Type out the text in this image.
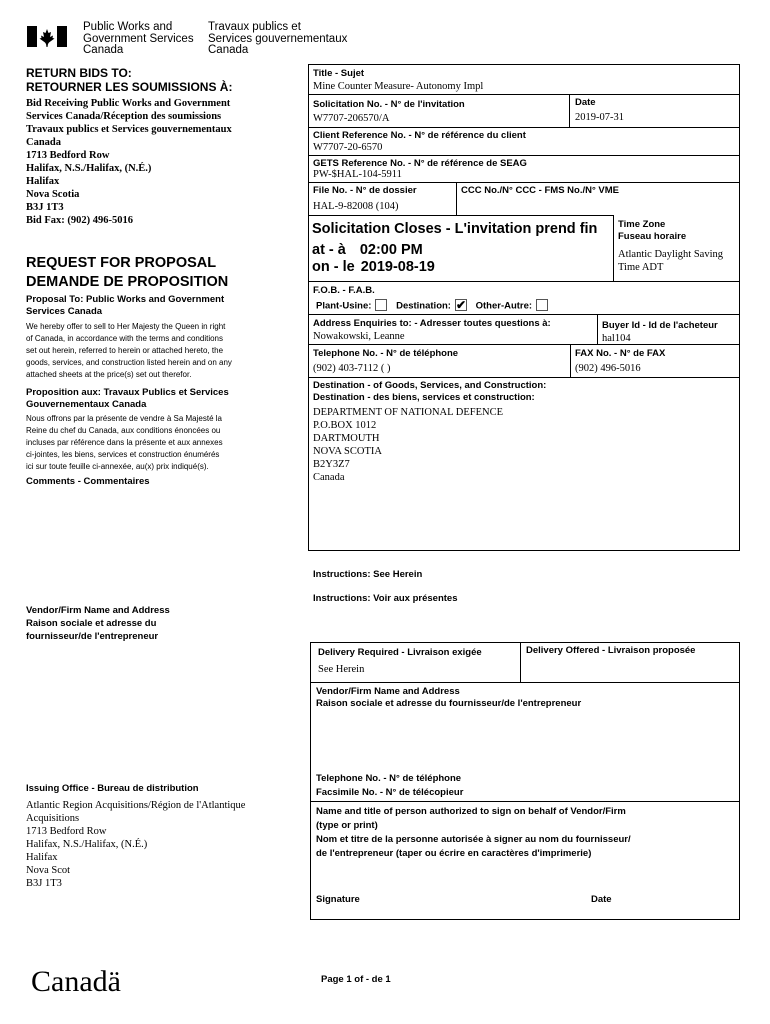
Public Works and
Government Services
Canada
Travaux publics et
Services gouvernementaux
Canada
RETURN BIDS TO:
RETOURNER LES SOUMISSIONS À:
Bid Receiving Public Works and Government
Services Canada/Réception des soumissions
Travaux publics et Services gouvernementaux
Canada
1713 Bedford Row
Halifax, N.S./Halifax, (N.É.)
Halifax
Nova Scotia
B3J 1T3
Bid Fax: (902) 496-5016
REQUEST FOR PROPOSAL
DEMANDE DE PROPOSITION
Proposal To: Public Works and Government
Services Canada
We hereby offer to sell to Her Majesty the Queen in right
of Canada, in accordance with the terms and conditions
set out herein, referred to herein or attached hereto, the
goods, services, and construction listed herein and on any
attached sheets at the price(s) set out therefor.
Proposition aux: Travaux Publics et Services
Gouvernementaux Canada
Nous offrons par la présente de vendre à Sa Majesté la
Reine du chef du Canada, aux conditions énoncées ou
incluses par référence dans la présente et aux annexes
ci-jointes, les biens, services et construction énumérés
ici sur toute feuille ci-annexée, au(x) prix indiqué(s).
Comments - Commentaires
Vendor/Firm Name and Address
Raison sociale et adresse du
fournisseur/de l'entrepreneur
Issuing Office - Bureau de distribution
Atlantic Region Acquisitions/Région de l'Atlantique
Acquisitions
1713 Bedford Row
Halifax, N.S./Halifax, (N.É.)
Halifax
Nova Scot
B3J 1T3
Title - Sujet
Mine Counter Measure- Autonomy Impl
Solicitation No. - N° de l'invitation
W7707-206570/A
Date
2019-07-31
Client Reference No. - N° de référence du client
W7707-20-6570
GETS Reference No. - N° de référence de SEAG
PW-$HAL-104-5911
File No. - N° de dossier
HAL-9-82008 (104)
CCC No./N° CCC - FMS No./N° VME
Solicitation Closes - L'invitation prend fin
at - à 02:00 PM
on - le 2019-08-19
Time Zone
Fuseau horaire
Atlantic Daylight Saving
Time ADT
F.O.B. - F.A.B.
Plant-Usine:	Destination: ✔ Other-Autre:
Address Enquiries to: - Adresser toutes questions à:
Nowakowski, Leanne
Buyer Id - Id de l'acheteur
hal104
Telephone No. - N° de téléphone
(902) 403-7112 ( )
FAX No. - N° de FAX
(902) 496-5016
Destination - of Goods, Services, and Construction:
Destination - des biens, services et construction:
DEPARTMENT OF NATIONAL DEFENCE
P.O.BOX 1012
DARTMOUTH
NOVA SCOTIA
B2Y3Z7
Canada
Instructions: See Herein
Instructions: Voir aux présentes
Delivery Required - Livraison exigée
See Herein
Delivery Offered - Livraison proposée
Vendor/Firm Name and Address
Raison sociale et adresse du fournisseur/de l'entrepreneur
Telephone No. - N° de téléphone
Facsimile No. - N° de télécopieur
Name and title of person authorized to sign on behalf of Vendor/Firm
(type or print)
Nom et titre de la personne autorisée à signer au nom du fournisseur/
de l'entrepreneur (taper ou écrire en caractères d'imprimerie)
Signature	Date
Canadä	Page 1 of - de 1
